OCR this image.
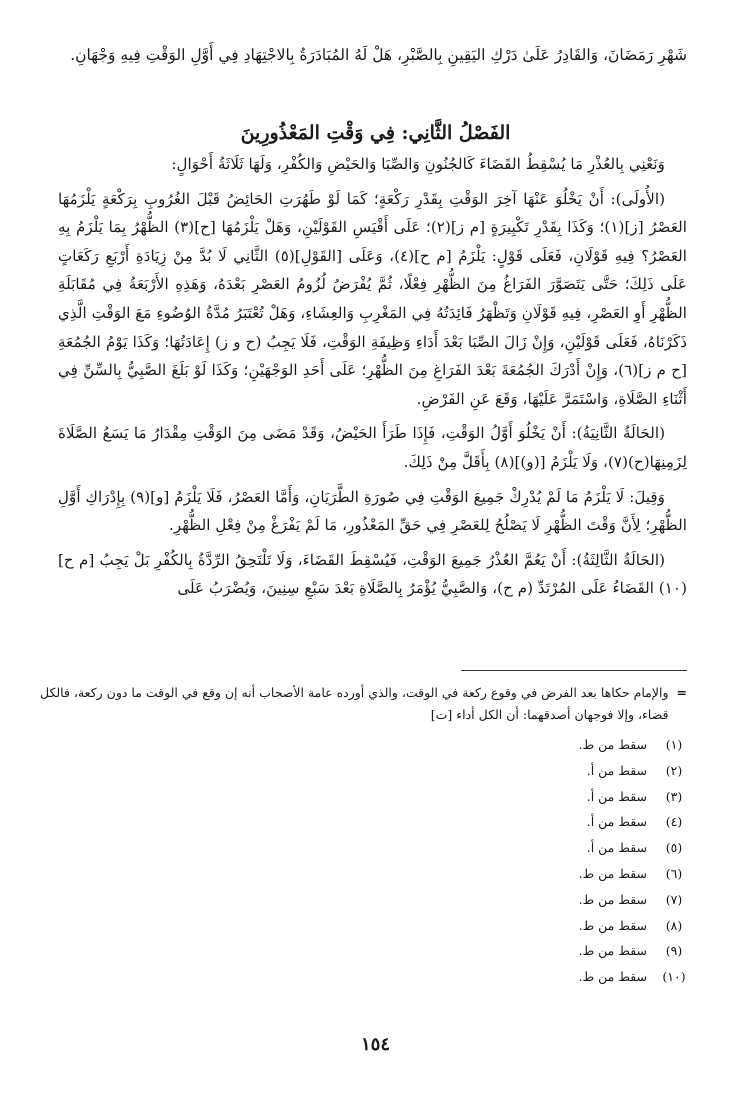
شَهْرِ رَمَضَانَ، وَالقَادِرُ عَلَىٰ دَرْكِ اليَقِينِ بِالصَّبْرِ، هَلْ لَهُ المُبَادَرَةُ بِالاجْتِهَادِ فِي أَوَّلِ الوَقْتِ فِيهِ وَجْهَانِ.
الفَصْلُ الثَّانِي: فِي وَقْتِ المَعْذُورِينَ

وَنَعْنِي بِالعُذْرِ مَا يُسْقِطُ القَضَاءَ كَالجُنُونِ وَالصِّبَا وَالحَيْضِ وَالكُفْرِ، وَلَهَا ثَلَاثَةُ أَحْوَالٍ:

(الأُولَى): أَنْ يَخْلُوَ عَنْهَا آخِرَ الوَقْتِ بِقَدْرِ رَكْعَةٍ؛ كَمَا لَوْ طَهُرَتِ الحَائِضُ قَبْلَ الغُرُوبِ بِرَكْعَةٍ يَلْزَمُهَا العَصْرُ [ز](١)؛ وَكَذَا بِقَدْرِ تَكْبِيرَةٍ [م ز](٢)؛ عَلَى أَقْيَسِ القَوْلَيْنِ، وَهَلْ يَلْزَمُهَا [ح](٣) الظُّهْرُ بِمَا يَلْزَمُ بِهِ العَصْرُ؟ فِيهِ قَوْلَانِ، فَعَلَى قَوْلٍ: يَلْزَمُ [م ح](٤)، وَعَلَى [القَوْلِ](٥) الثَّانِي لَا بُدَّ مِنْ زِيَادَةِ أَرْبَعِ رَكَعَاتٍ عَلَى ذَلِكَ؛ حَتَّى يَتَصَوَّرَ الفَرَاغُ مِنَ الظُّهْرِ فِعْلًا، ثُمَّ يُفْرَضُ لُزُومُ العَصْرِ بَعْدَهُ، وَهَذِهِ الأَرْبَعَةُ فِي مُقَابَلَةِ الظُّهْرِ أَوِ العَصْرِ، فِيهِ قَوْلَانِ وَتَظْهَرُ فَائِدَتُهُ فِي المَغْرِبِ وَالعِشَاءِ، وَهَلْ تُعْتَبَرُ مُدَّةُ الوُضُوءِ مَعَ الوَقْتِ الَّذِي ذَكَرْنَاهُ، فَعَلَى قَوْلَيْنِ، وَإِنْ زَالَ الصِّبَا بَعْدَ أَدَاءِ وَظِيفَةِ الوَقْتِ، فَلَا يَجِبُ (ح و ز) إِعَادَتُهَا؛ وَكَذَا يَوْمُ الجُمُعَةِ [ح م ز](٦)، وَإِنْ أَدْرَكَ الجُمُعَةَ بَعْدَ الفَرَاغِ مِنَ الظُّهْرِ؛ عَلَى أَحَدِ الوَجْهَيْنِ؛ وَكَذَا لَوْ بَلَغَ الصَّبِيُّ بِالسِّنِّ فِي أَثْنَاءِ الصَّلَاةِ، وَاسْتَمَرَّ عَلَيْهَا، وَقَعَ عَنِ الفَرْضِ.

(الحَالَةُ الثَّانِيَةُ): أَنْ يَخْلُوَ أَوَّلُ الوَقْتِ، فَإِذَا طَرَأَ الحَيْضُ، وَقَدْ مَضَى مِنَ الوَقْتِ مِقْدَارُ مَا يَسَعُ الصَّلَاةَ لِزَمِنِهَا(ح)(٧)، وَلَا يَلْزَمُ [(و)](٨) بِأَقَلَّ مِنْ ذَلِكَ.

وَقِيلَ: لَا يَلْزَمُ مَا لَمْ يُدْرِكْ جَمِيعَ الوَقْتِ فِي صُورَةِ الطَّرَيَانِ، وَأَمَّا العَصْرُ، فَلَا يَلْزَمُ [و](٩) بِإِدْرَاكِ أَوَّلِ الظُّهْرِ؛ لِأَنَّ وَقْتَ الظُّهْرِ لَا يَصْلُحُ لِلعَصْرِ فِي حَقِّ المَعْذُورِ، مَا لَمْ يَفْرَغْ مِنْ فِعْلِ الظُّهْرِ.

(الحَالَةُ الثَّالِثَةُ): أَنْ يَعُمَّ العُذْرُ جَمِيعَ الوَقْتِ، فَيُسْقِطَ القَضَاءَ، وَلَا تَلْتَحِقُ الرِّدَّةُ بِالكُفْرِ بَلْ يَجِبُ [م ح](١٠) القَضَاءُ عَلَى المُرْتَدِّ (م ح)، وَالصَّبِيُّ يُؤْمَرُ بِالصَّلَاةِ بَعْدَ سَبْعِ سِنِينَ، وَيُضْرَبُ عَلَى

=
والإمام حكاها بعد الفرض في وقوع ركعة في الوقت، والذي أورده عامة الأصحاب أنه إن وقع في الوقت ما دون ركعة، فالكل قضاء، وإلا فوجهان أصدقهما: أن الكل أداء [ت]
(١)
سقط من ط.
(٢)
سقط من أ.
(٣)
سقط من أ.
(٤)
سقط من أ.
(٥)
سقط من أ.
(٦)
سقط من ط.
(٧)
سقط من ط.
(٨)
سقط من ط.
(٩)
سقط من ط.
(١٠)
سقط من ط.
١٥٤
